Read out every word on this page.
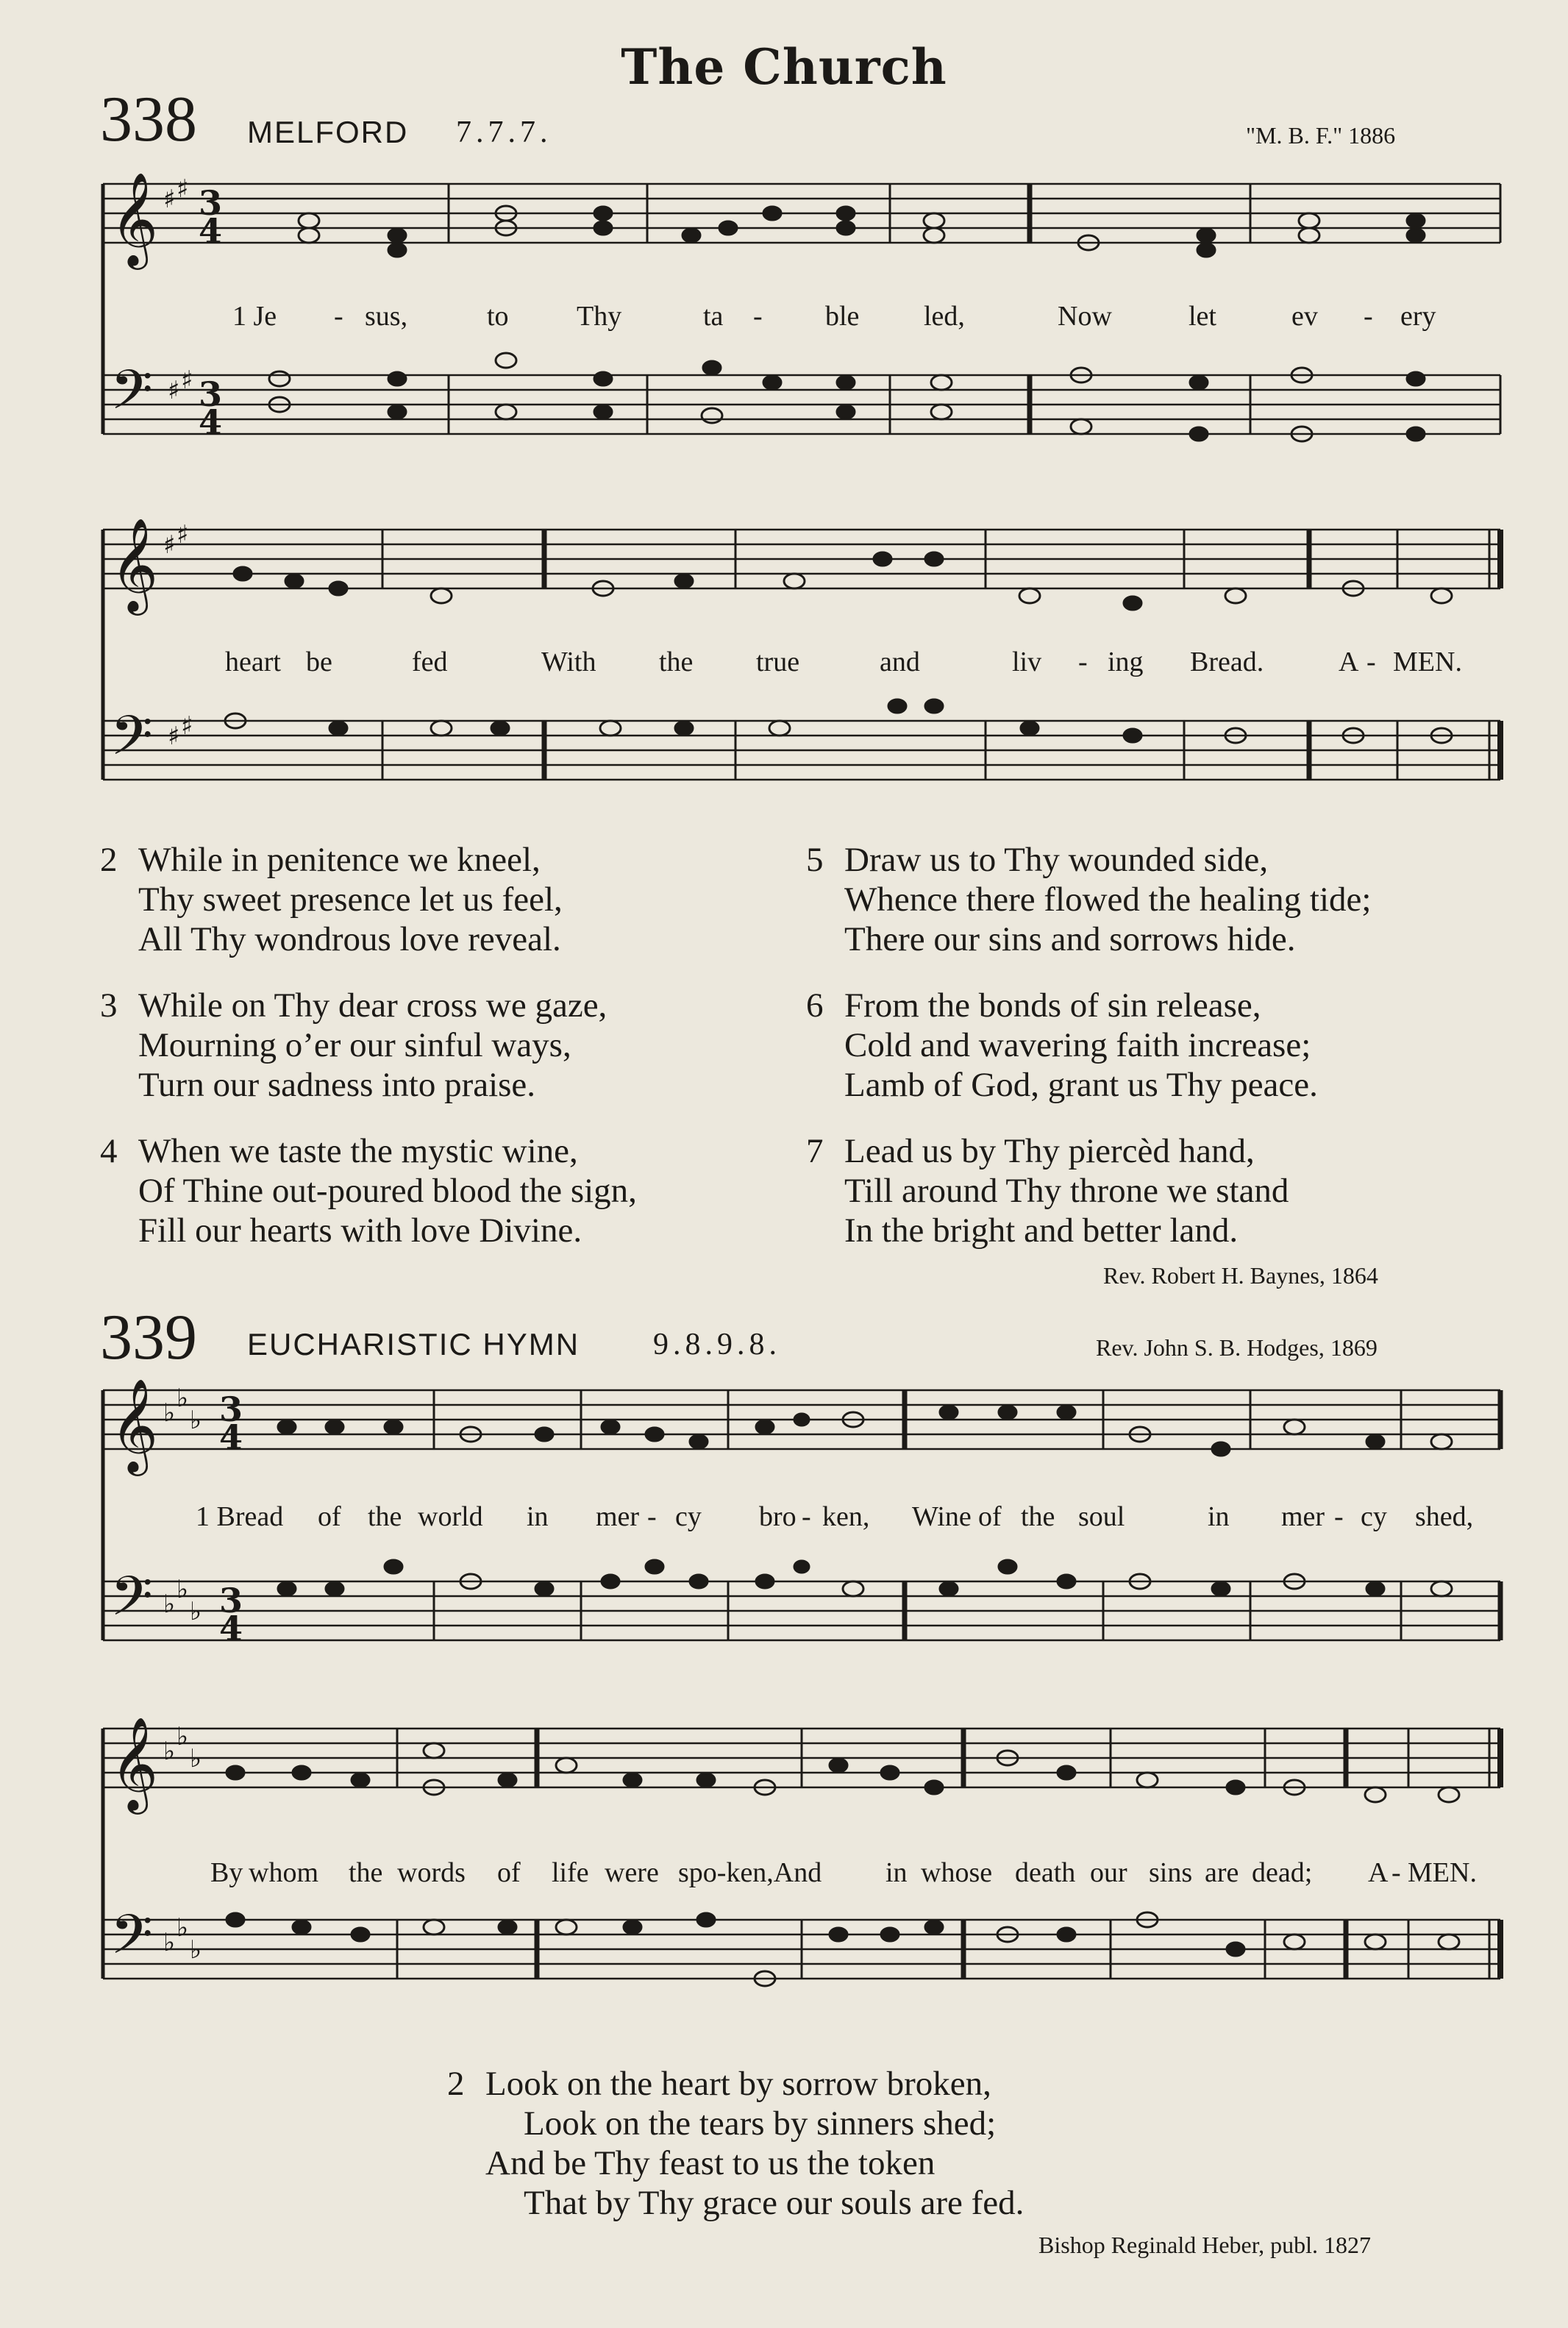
The Church
338 MELFORD 7.7.7.	"M. B. F." 1886
𝄞
𝄢
♯ ♯
♯ ♯
3
4
3
4
1 Je - sus,	to Thy	ta - ble led,	Now	let	ev - ery
𝄞
𝄢
♯ ♯
♯ ♯
heart be	fed	With the true	and	liv - ing Bread.	A - MEN.
2 While in penitence we kneel,
Thy sweet presence let us feel,
All Thy wondrous love reveal.
3 While on Thy dear cross we gaze,
Mourning o’er our sinful ways,
Turn our sadness into praise.
4 When we taste the mystic wine,
Of Thine out-poured blood the sign,
Fill our hearts with love Divine.
5 Draw us to Thy wounded side,
Whence there flowed the healing tide;
There our sins and sorrows hide.
6 From the bonds of sin release,
Cold and wavering faith increase;
Lamb of God, grant us Thy peace.
7 Lead us by Thy piercèd hand,
Till around Thy throne we stand
In the bright and better land.
Rev. Robert H. Baynes, 1864
339 EUCHARISTIC HYMN 9.8.9.8.	Rev. John S. B. Hodges, 1869
𝄞
𝄢
♭ ♭
♭
♭ ♭
♭
3
4
3
4
1 Bread of the world in mer - cy bro - ken, Wine of the soul	in mer - cy shed,
𝄞
𝄢
♭ ♭
♭
♭ ♭
♭
By whom the words of life were spo-ken,And in whose death our sins are dead; A - MEN.
2 Look on the heart by sorrow broken,
Look on the tears by sinners shed;
And be Thy feast to us the token
That by Thy grace our souls are fed.
Bishop Reginald Heber, publ. 1827
